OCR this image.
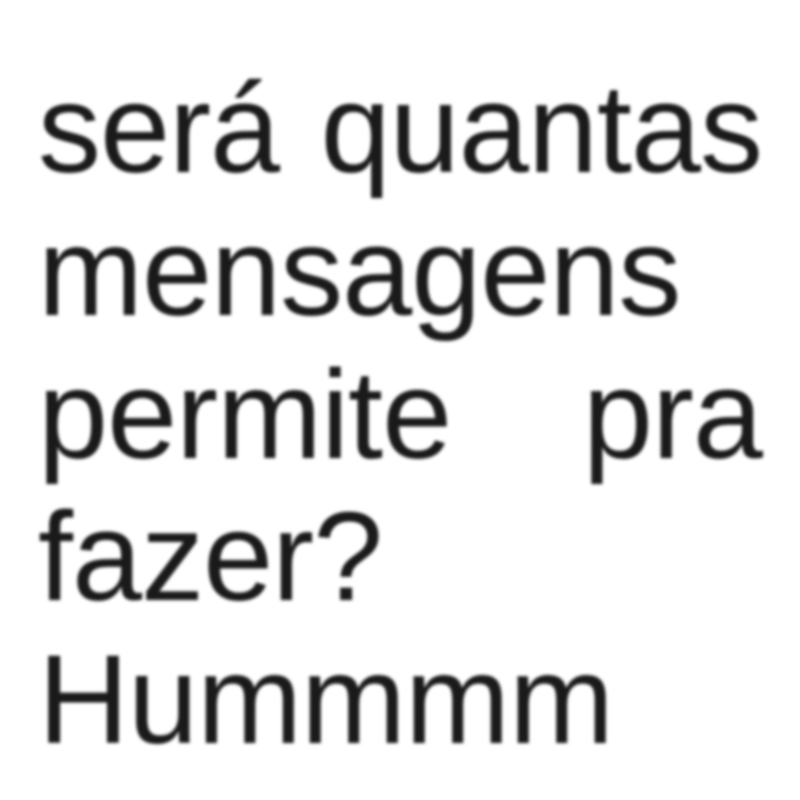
será quantas
mensagens
permite pra
fazer?
Hummmm
